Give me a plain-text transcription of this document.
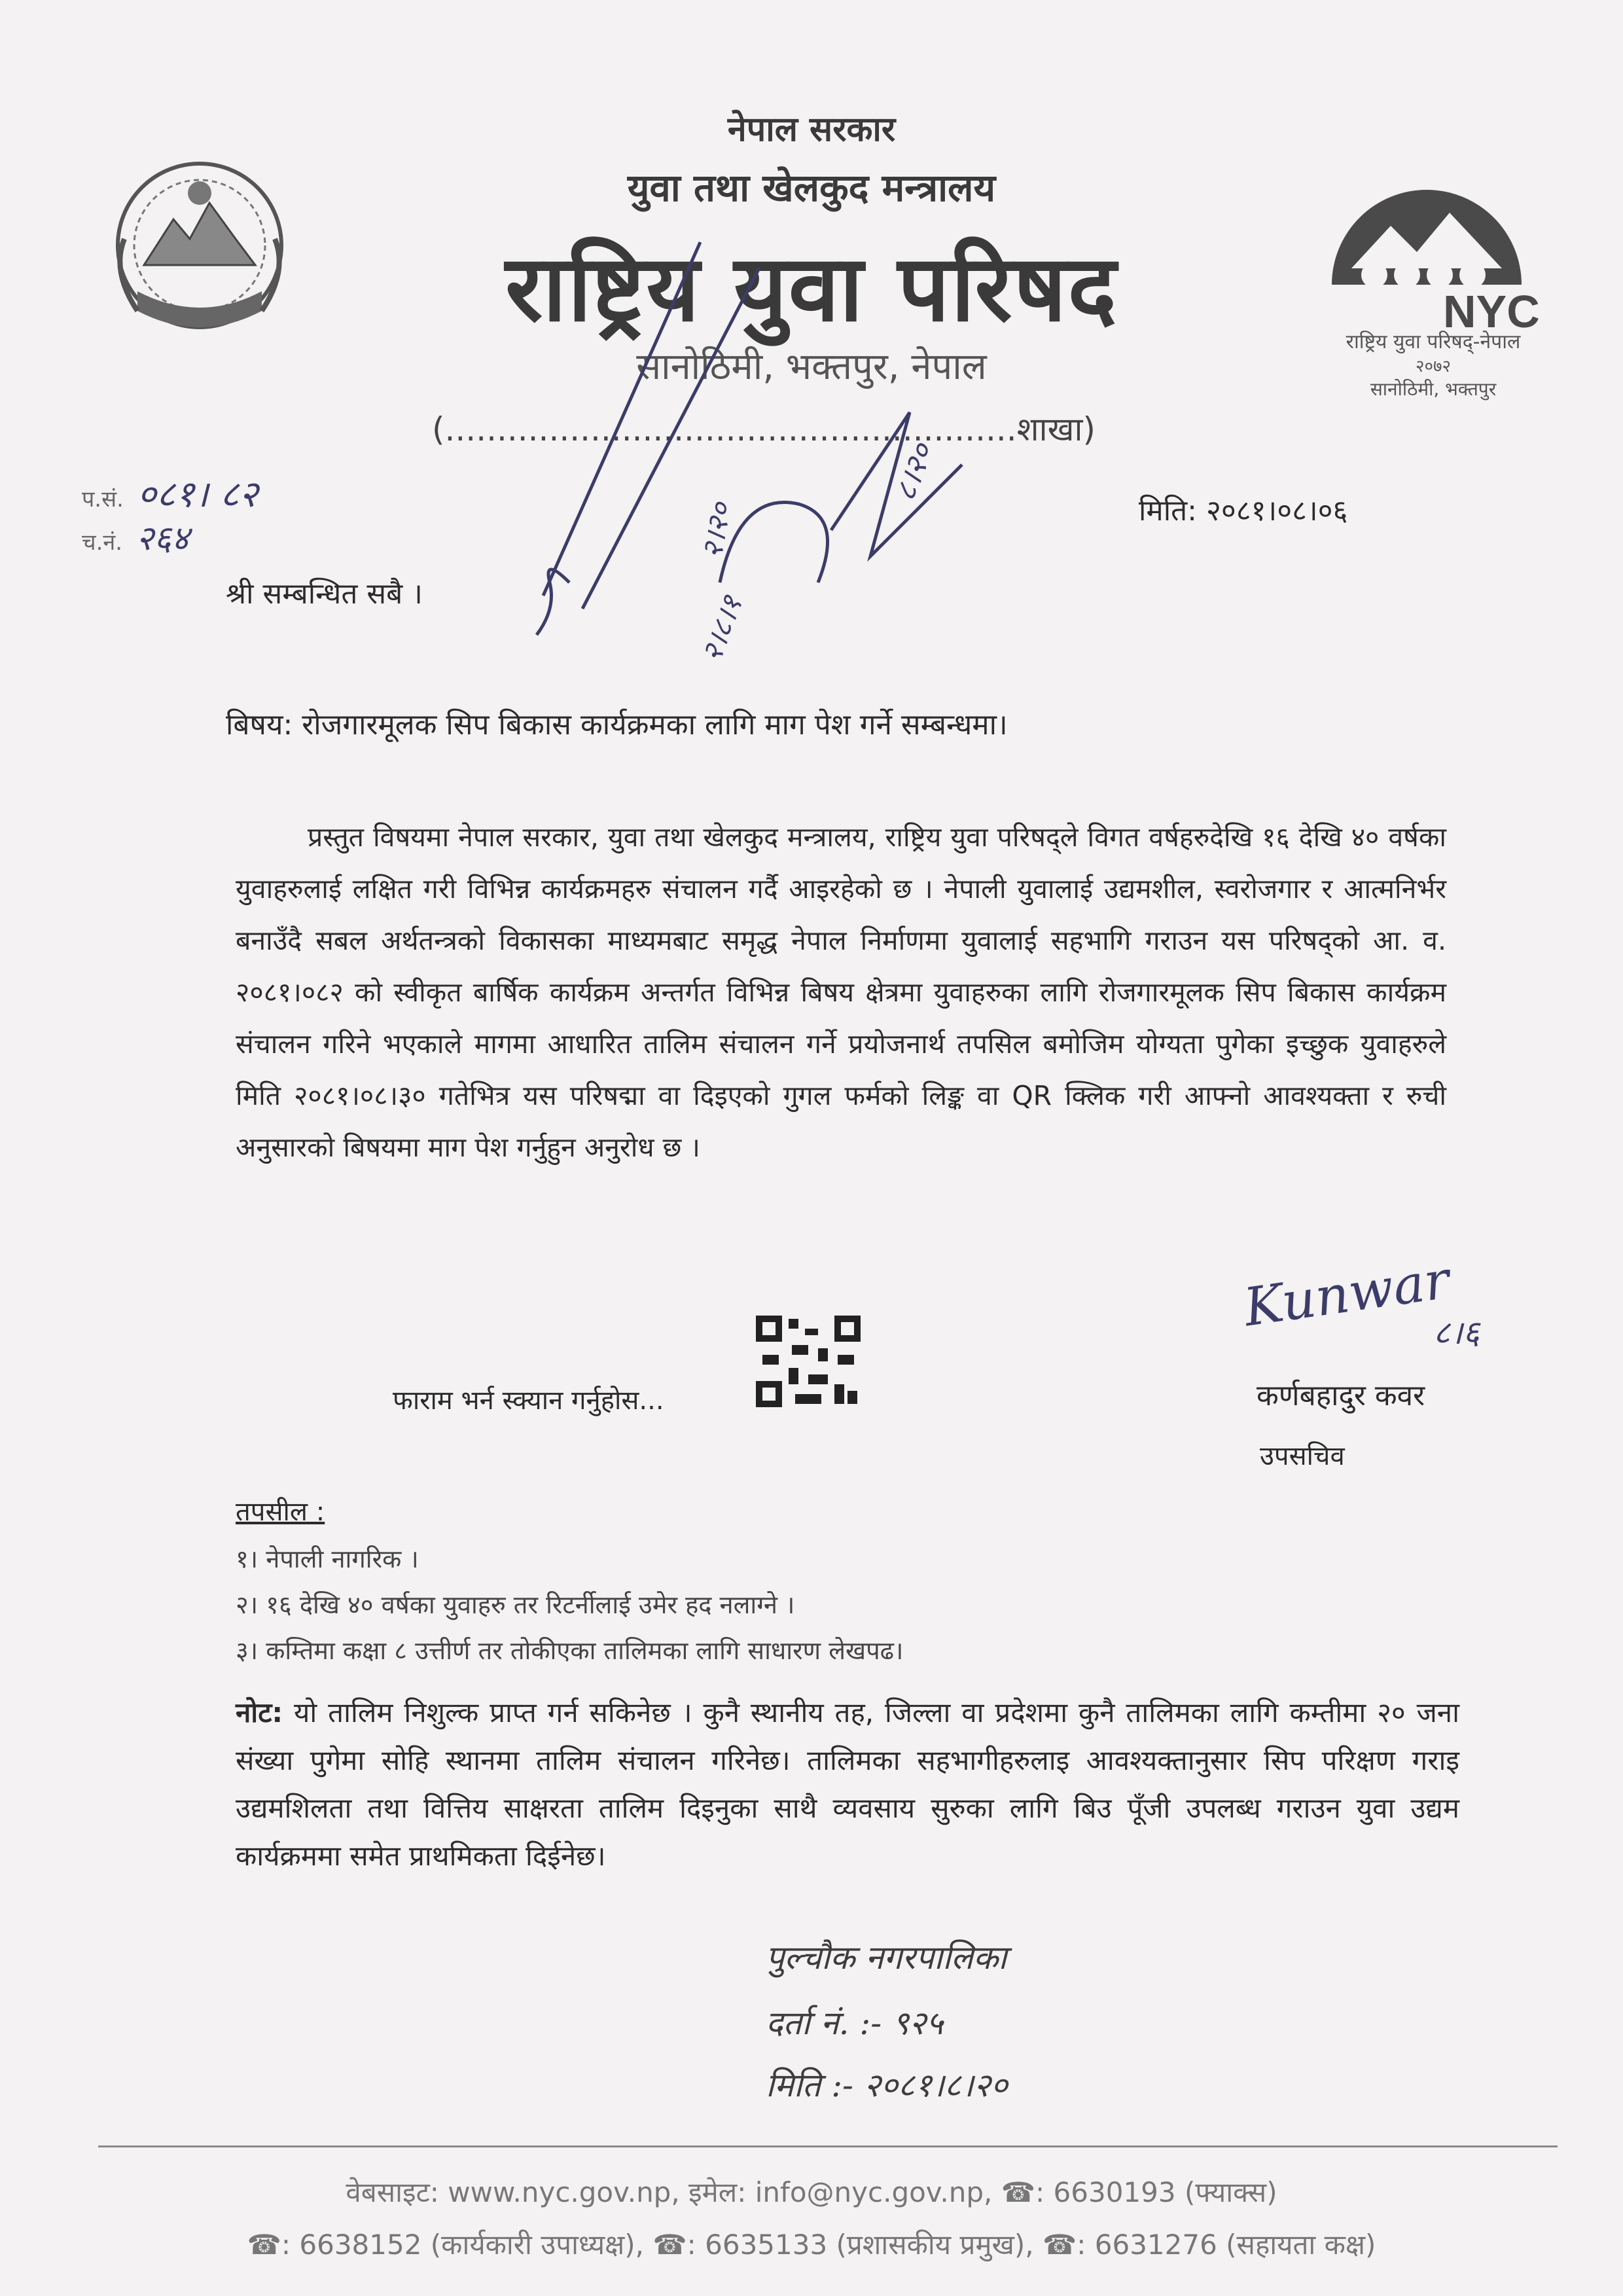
NYC
राष्ट्रिय युवा परिषद्-नेपाल
२०७२
सानोठिमी, भक्तपुर
नेपाल सरकार
युवा तथा खेलकुद मन्त्रालय
राष्ट्रिय युवा परिषद
सानोठिमी, भक्तपुर, नेपाल
(.......................................................शाखा)
प.सं. ०८१। ८२
च.नं. २६४
२।८।१
२।२०
८।२०
मिति: २०८१।०८।०६
श्री सम्बन्धित सबै ।
बिषय: रोजगारमूलक सिप बिकास कार्यक्रमका लागि माग पेश गर्ने सम्बन्धमा।
प्रस्तुत विषयमा नेपाल सरकार, युवा तथा खेलकुद मन्त्रालय, राष्ट्रिय युवा परिषद्ले विगत वर्षहरुदेखि १६ देखि ४० वर्षका युवाहरुलाई लक्षित गरी विभिन्न कार्यक्रमहरु संचालन गर्दै आइरहेको छ । नेपाली युवालाई उद्यमशील, स्वरोजगार र आत्मनिर्भर बनाउँदै सबल अर्थतन्त्रको विकासका माध्यमबाट समृद्ध नेपाल निर्माणमा युवालाई सहभागि गराउन यस परिषद्को आ. व. २०८१।०८२ को स्वीकृत बार्षिक कार्यक्रम अन्तर्गत विभिन्न बिषय क्षेत्रमा युवाहरुका लागि रोजगारमूलक सिप बिकास कार्यक्रम संचालन गरिने भएकाले मागमा आधारित तालिम संचालन गर्ने प्रयोजनार्थ तपसिल बमोजिम योग्यता पुगेका इच्छुक युवाहरुले मिति २०८१।०८।३० गतेभित्र यस परिषद्मा वा दिइएको गुगल फर्मको लिङ्क वा QR क्लिक गरी आफ्नो आवश्यक्ता र रुची अनुसारको बिषयमा माग पेश गर्नुहुन अनुरोध छ ।
फाराम भर्न स्क्यान गर्नुहोस...
Kunwar
८।६
कर्णबहादुर कवर
उपसचिव
तपसील :
१। नेपाली नागरिक ।
२। १६ देखि ४० वर्षका युवाहरु तर रिटर्नीलाई उमेर हद नलाग्ने ।
३। कम्तिमा कक्षा ८ उत्तीर्ण तर तोकीएका तालिमका लागि साधारण लेखपढ।
नोट: यो तालिम निशुल्क प्राप्त गर्न सकिनेछ । कुनै स्थानीय तह, जिल्ला वा प्रदेशमा कुनै तालिमका लागि कम्तीमा २० जना संख्या पुगेमा सोहि स्थानमा तालिम संचालन गरिनेछ। तालिमका सहभागीहरुलाइ आवश्यक्तानुसार सिप परिक्षण गराइ उद्यमशिलता तथा वित्तिय साक्षरता तालिम दिइनुका साथै व्यवसाय सुरुका लागि बिउ पूँजी उपलब्ध गराउन युवा उद्यम कार्यक्रममा समेत प्राथमिकता दिईनेछ।
पुल्चौक नगरपालिका
दर्ता नं. :- ९२५
मिति :- २०८१।८।२०
वेबसाइट: www.nyc.gov.np, इमेल: info@nyc.gov.np, ☎: 6630193 (फ्याक्स)
☎: 6638152 (कार्यकारी उपाध्यक्ष), ☎: 6635133 (प्रशासकीय प्रमुख), ☎: 6631276 (सहायता कक्ष)
